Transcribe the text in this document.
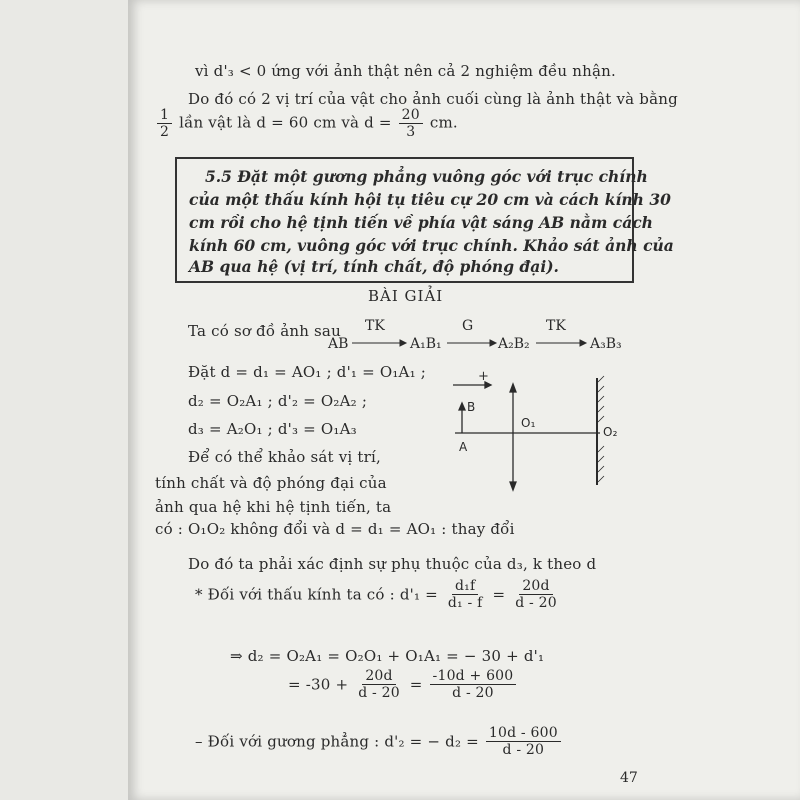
vì d'₃ < 0 ứng với ảnh thật nên cả 2 nghiệm đều nhận.
Do đó có 2 vị trí của vật cho ảnh cuối cùng là ảnh thật và bằng
$\frac{1}{2}$ lần vật là d = 60 cm và $d = \frac{20}{3}$ cm.
5.5 Đặt một gương phẳng vuông góc với trục chính
của một thấu kính hội tụ tiêu cự 20 cm và cách kính 30
cm rồi cho hệ tịnh tiến về phía vật sáng AB nằm cách
kính 60 cm, vuông góc với trục chính. Khảo sát ảnh của
AB qua hệ (vị trí, tính chất, độ phóng đại).
BÀI GIẢI
Ta có sơ đồ ảnh sau
AB
TK
A₁B₁
G
A₂B₂
TK
A₃B₃
Đặt d = d₁ = AO₁ ; d'₁ = O₁A₁ ;
d₂ = O₂A₁ ; d'₂ = O₂A₂ ;
d₃ = A₂O₁ ; d'₃ = O₁A₃
+
B
A
O₁
O₂
Để có thể khảo sát vị trí,
tính chất và độ phóng đại của
ảnh qua hệ khi hệ tịnh tiến, ta
có : O₁O₂ không đổi và d = d₁ = AO₁ : thay đổi
Do đó ta phải xác định sự phụ thuộc của d₃, k theo d
* Đối với thấu kính ta có : $d'_1 = \frac{\text{d₁f}}{\text{d₁ - f}} = \frac{20d}{d - 20}$
⇒ d₂ = O₂A₁ = O₂O₁ + O₁A₁ = − 30 + d'₁
= $-30 + \frac{20d}{d - 20} = \frac{-10d + 600}{d - 20}$
– Đối với gương phẳng : d'₂ = − $d_2 = \frac{10d - 600}{d - 20}$
47
